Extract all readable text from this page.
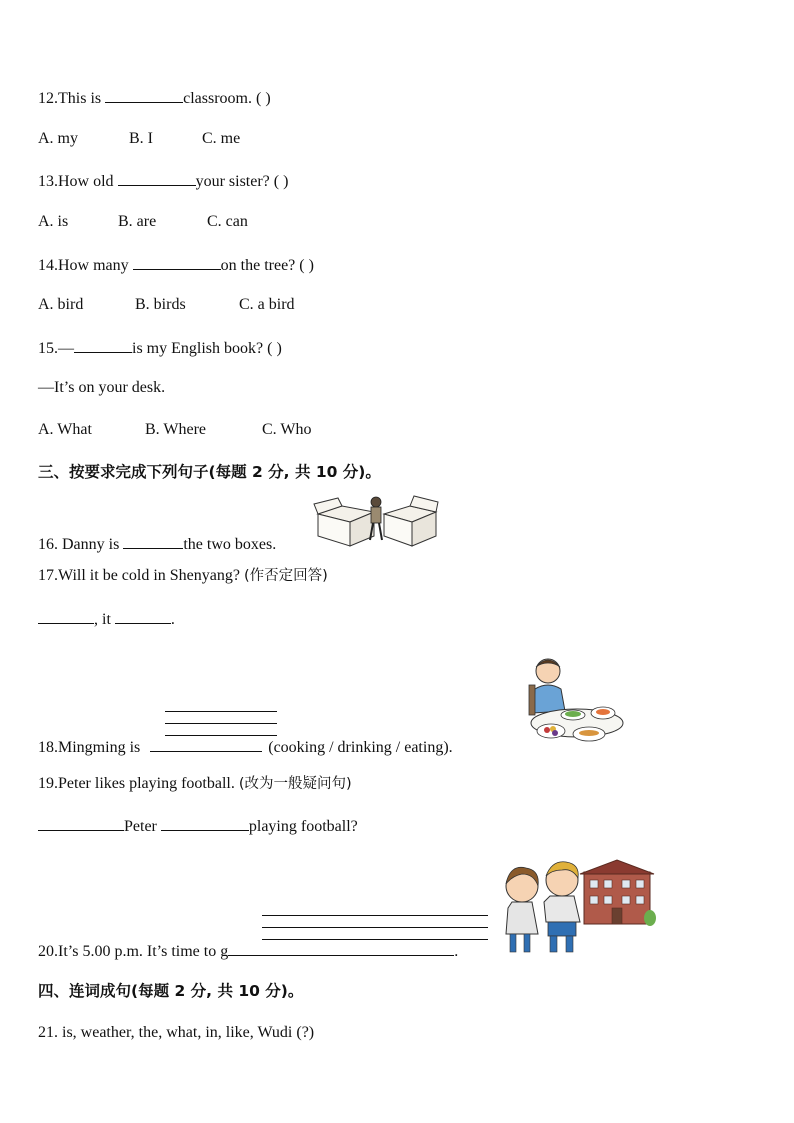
12.This is	classroom. ( )
A. my	B. I	C. me
13.How old	your sister? ( )
A. is	B. are	C. can
14.How many	on the tree? ( )
A. bird	B. birds	C. a bird
15.—	is my English book? ( )
—It’s on your desk.
A. What	B. Where	C. Who
三、按要求完成下列句子(每题 2 分, 共 10 分)。
16. Danny is	the two boxes.
17.Will it be cold in Shenyang? (作否定回答)
, it	.
18.Mingming is	(cooking / drinking / eating).
19.Peter likes playing football. (改为一般疑问句)
Peter	playing football?
20.It’s 5.00 p.m. It’s time to g	.
四、连词成句(每题 2 分, 共 10 分)。
21. is, weather, the, what, in, like, Wudi (?)
